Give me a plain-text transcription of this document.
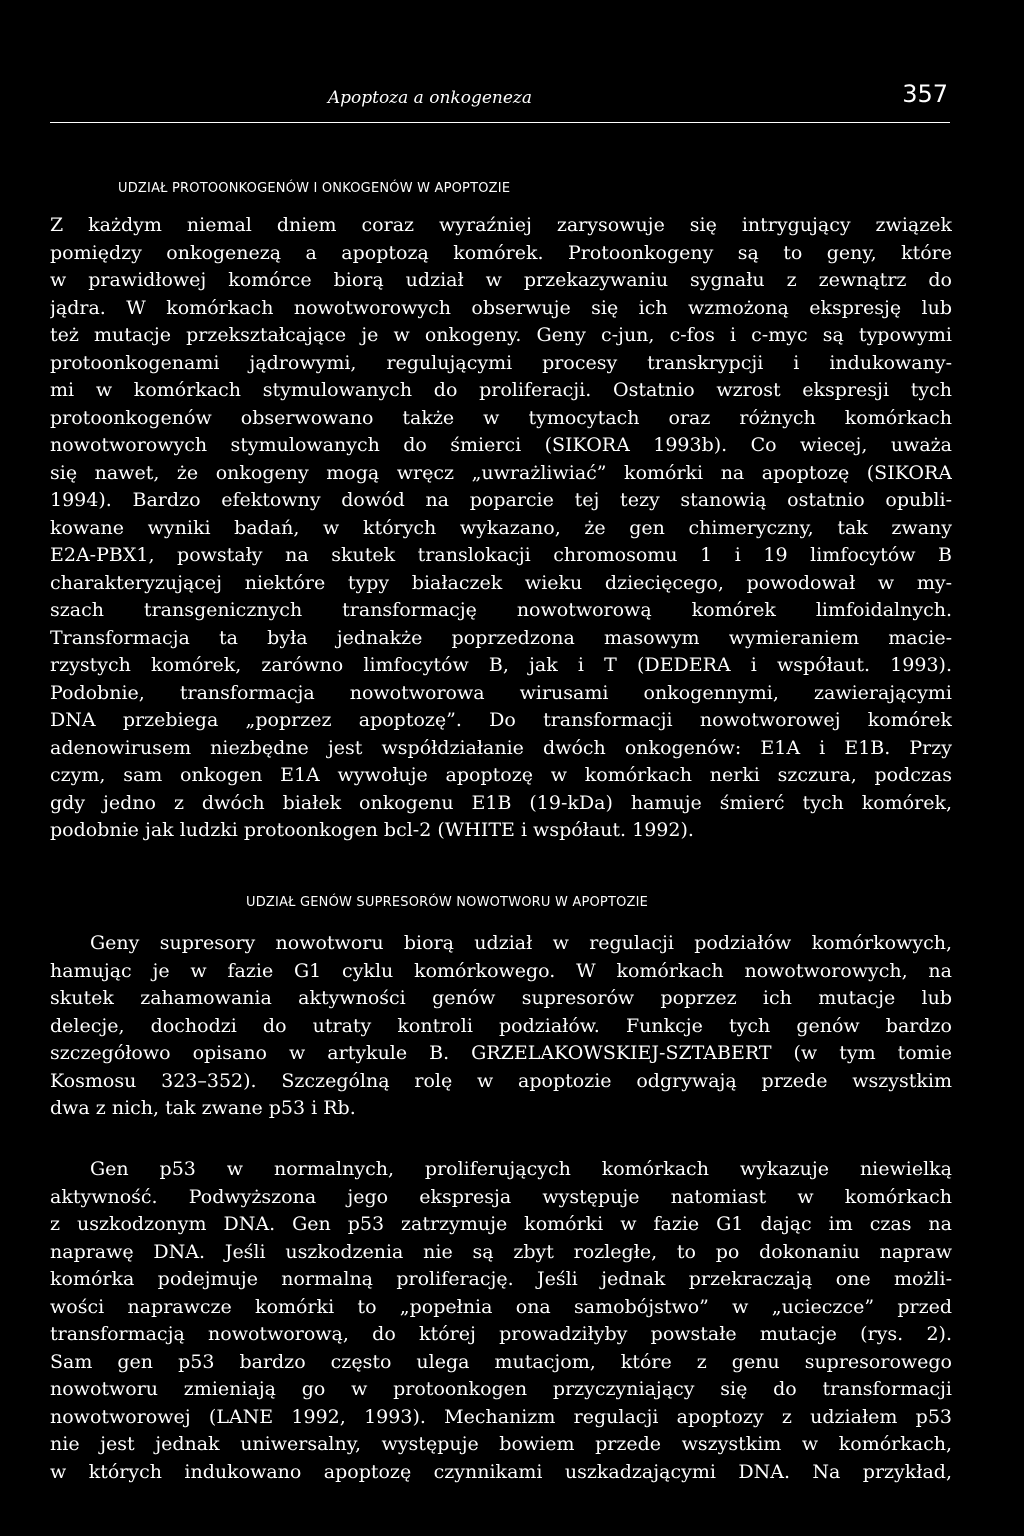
Apoptoza a onkogeneza	357
UDZIAŁ PROTOONKOGENÓW I ONKOGENÓW W APOPTOZIE
Z każdym niemal dniem coraz wyraźniej zarysowuje się intrygujący związek
pomiędzy onkogenezą a apoptozą komórek. Protoonkogeny są to geny, które
w prawidłowej komórce biorą udział w przekazywaniu sygnału z zewnątrz do
jądra. W komórkach nowotworowych obserwuje się ich wzmożoną ekspresję lub
też mutacje przekształcające je w onkogeny. Geny c-jun, c-fos i c-myc są typowymi
protoonkogenami jądrowymi, regulującymi procesy transkrypcji i indukowany-
mi w komórkach stymulowanych do proliferacji. Ostatnio wzrost ekspresji tych
protoonkogenów obserwowano także w tymocytach oraz różnych komórkach
nowotworowych stymulowanych do śmierci (SIKORA 1993b). Co wiecej, uważa
się nawet, że onkogeny mogą wręcz „uwrażliwiać” komórki na apoptozę (SIKORA
1994). Bardzo efektowny dowód na poparcie tej tezy stanowią ostatnio opubli-
kowane wyniki badań, w których wykazano, że gen chimeryczny, tak zwany
E2A-PBX1, powstały na skutek translokacji chromosomu 1 i 19 limfocytów B
charakteryzującej niektóre typy białaczek wieku dziecięcego, powodował w my-
szach transgenicznych transformację nowotworową komórek limfoidalnych.
Transformacja ta była jednakże poprzedzona masowym wymieraniem macie-
rzystych komórek, zarówno limfocytów B, jak i T (DEDERA i współaut. 1993).
Podobnie, transformacja nowotworowa wirusami onkogennymi, zawierającymi
DNA przebiega „poprzez apoptozę”. Do transformacji nowotworowej komórek
adenowirusem niezbędne jest współdziałanie dwóch onkogenów: E1A i E1B. Przy
czym, sam onkogen E1A wywołuje apoptozę w komórkach nerki szczura, podczas
gdy jedno z dwóch białek onkogenu E1B (19-kDa) hamuje śmierć tych komórek,
podobnie jak ludzki protoonkogen bcl-2 (WHITE i współaut. 1992).
UDZIAŁ GENÓW SUPRESORÓW NOWOTWORU W APOPTOZIE
Geny supresory nowotworu biorą udział w regulacji podziałów komórkowych,
hamując je w fazie G1 cyklu komórkowego. W komórkach nowotworowych, na
skutek zahamowania aktywności genów supresorów poprzez ich mutacje lub
delecje, dochodzi do utraty kontroli podziałów. Funkcje tych genów bardzo
szczegółowo opisano w artykule B. GRZELAKOWSKIEJ-SZTABERT (w tym tomie
Kosmosu 323–352). Szczególną rolę w apoptozie odgrywają przede wszystkim
dwa z nich, tak zwane p53 i Rb.
Gen p53 w normalnych, proliferujących komórkach wykazuje niewielką
aktywność. Podwyższona jego ekspresja występuje natomiast w komórkach
z uszkodzonym DNA. Gen p53 zatrzymuje komórki w fazie G1 dając im czas na
naprawę DNA. Jeśli uszkodzenia nie są zbyt rozległe, to po dokonaniu napraw
komórka podejmuje normalną proliferację. Jeśli jednak przekraczają one możli-
wości naprawcze komórki to „popełnia ona samobójstwo” w „ucieczce” przed
transformacją nowotworową, do której prowadziłyby powstałe mutacje (rys. 2).
Sam gen p53 bardzo często ulega mutacjom, które z genu supresorowego
nowotworu zmieniają go w protoonkogen przyczyniający się do transformacji
nowotworowej (LANE 1992, 1993). Mechanizm regulacji apoptozy z udziałem p53
nie jest jednak uniwersalny, występuje bowiem przede wszystkim w komórkach,
w których indukowano apoptozę czynnikami uszkadzającymi DNA. Na przykład,
